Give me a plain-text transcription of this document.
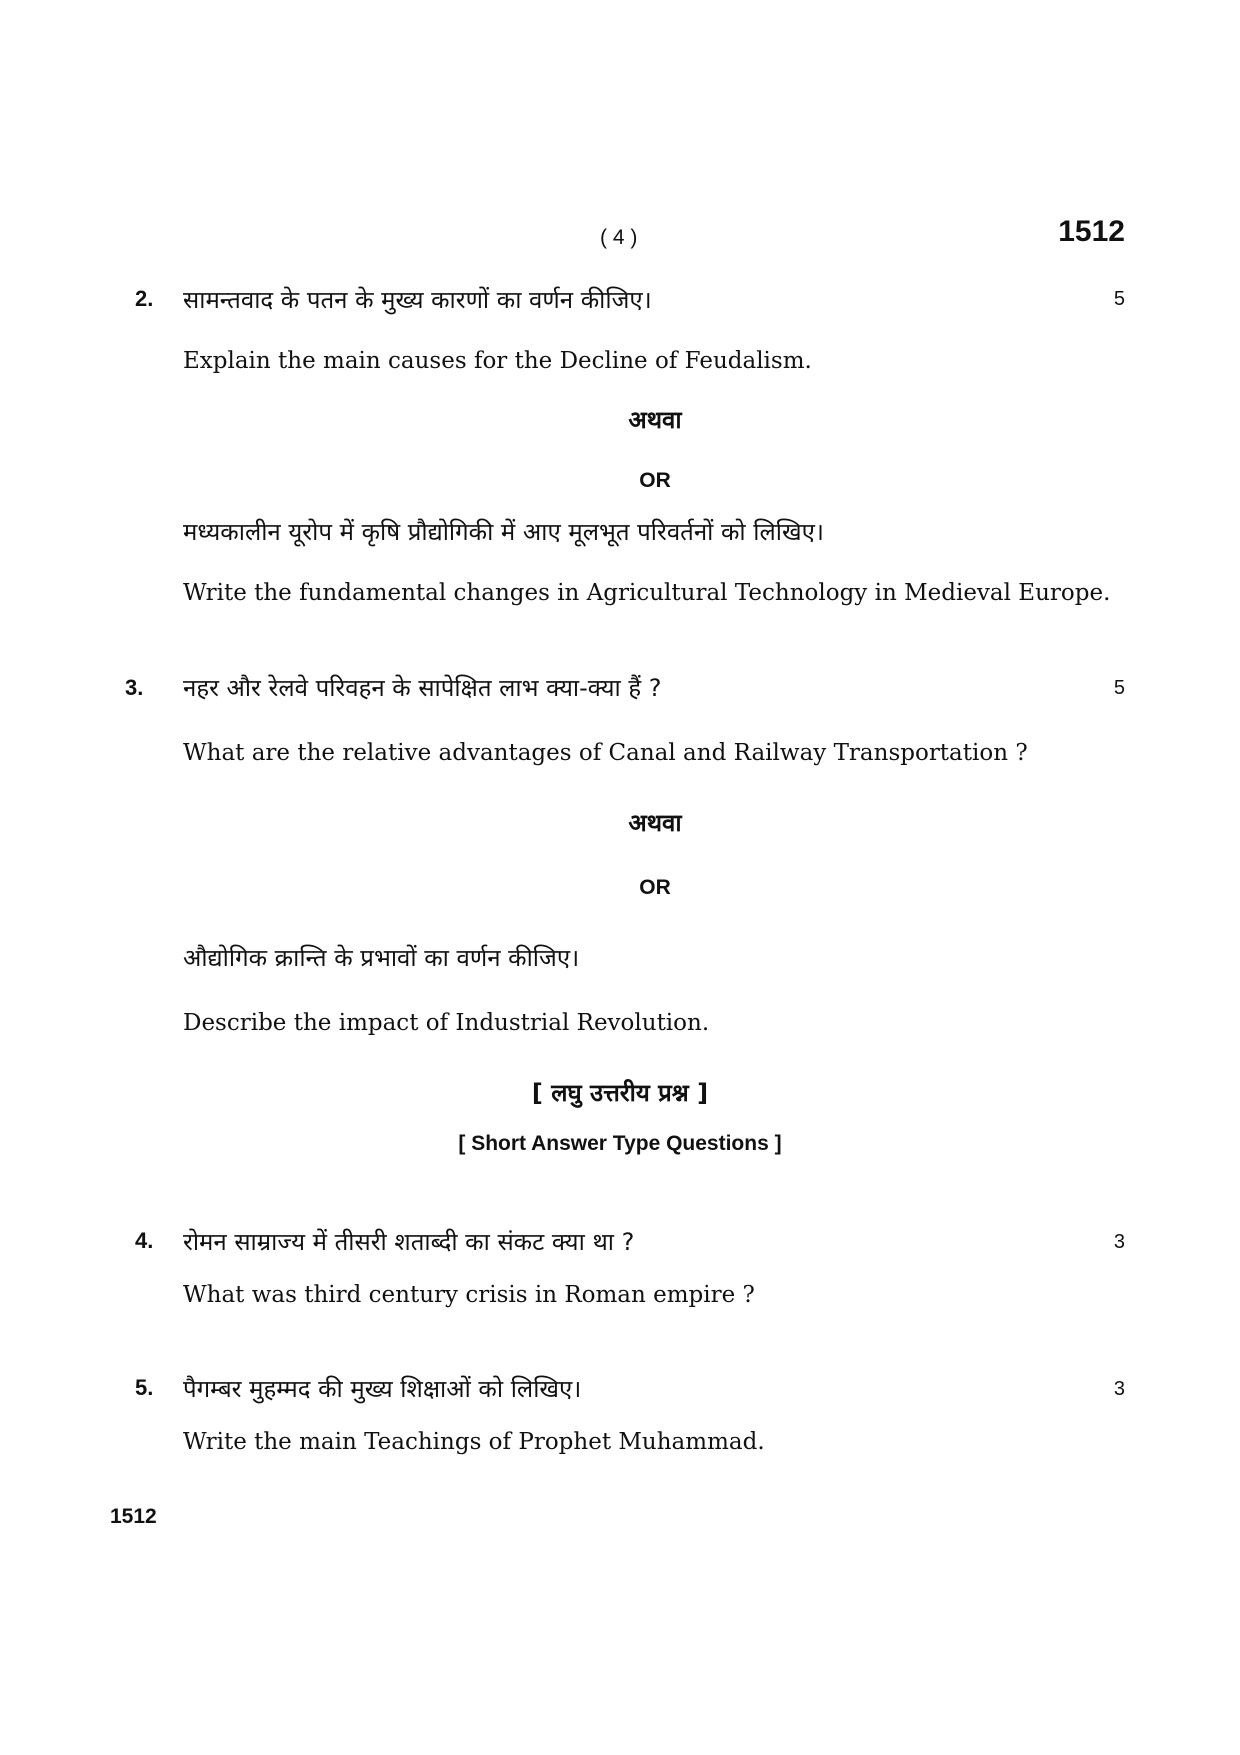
( 4 )	1512
2. सामन्तवाद के पतन के मुख्य कारणों का वर्णन कीजिए।	5
Explain the main causes for the Decline of Feudalism.
अथवा
OR
मध्यकालीन यूरोप में कृषि प्रौद्योगिकी में आए मूलभूत परिवर्तनों को लिखिए।
Write the fundamental changes in Agricultural Technology in Medieval Europe.
3. नहर और रेलवे परिवहन के सापेक्षित लाभ क्या-क्या हैं ?	5
What are the relative advantages of Canal and Railway Transportation ?
अथवा
OR
औद्योगिक क्रान्ति के प्रभावों का वर्णन कीजिए।
Describe the impact of Industrial Revolution.
[ लघु उत्तरीय प्रश्न ]
[ Short Answer Type Questions ]
4. रोमन साम्राज्य में तीसरी शताब्दी का संकट क्या था ?	3
What was third century crisis in Roman empire ?
5. पैगम्बर मुहम्मद की मुख्य शिक्षाओं को लिखिए।	3
Write the main Teachings of Prophet Muhammad.
1512
